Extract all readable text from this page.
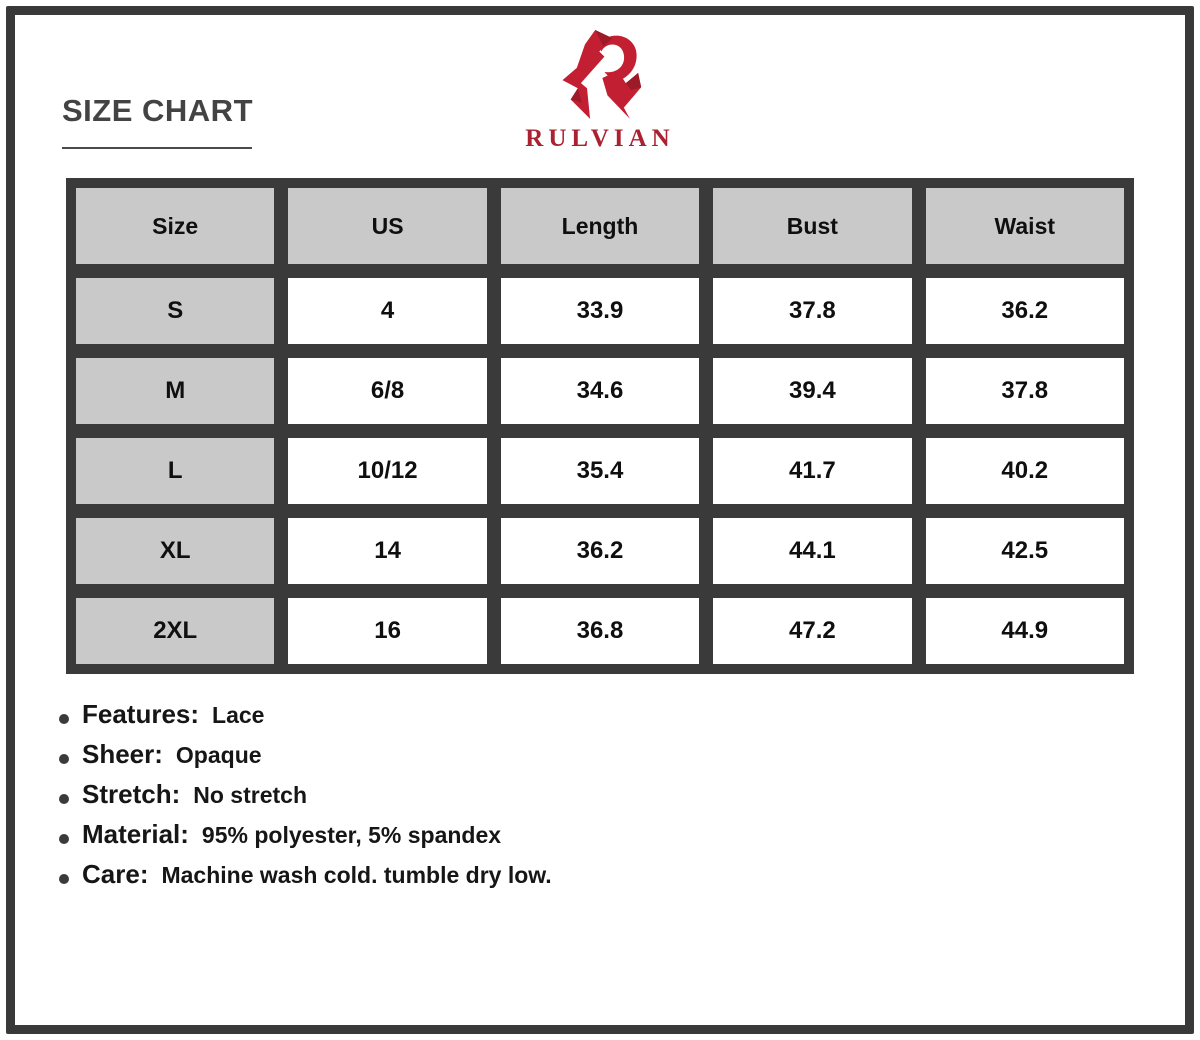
SIZE CHART
RULVIAN
Size	US	Length	Bust	Waist
S	4	33.9	37.8	36.2
M	6/8	34.6	39.4	37.8
L	10/12	35.4	41.7	40.2
XL	14	36.2	44.1	42.5
2XL	16	36.8	47.2	44.9
Features: Lace
Sheer: Opaque
Stretch: No stretch
Material: 95% polyester, 5% spandex
Care: Machine wash cold. tumble dry low.
